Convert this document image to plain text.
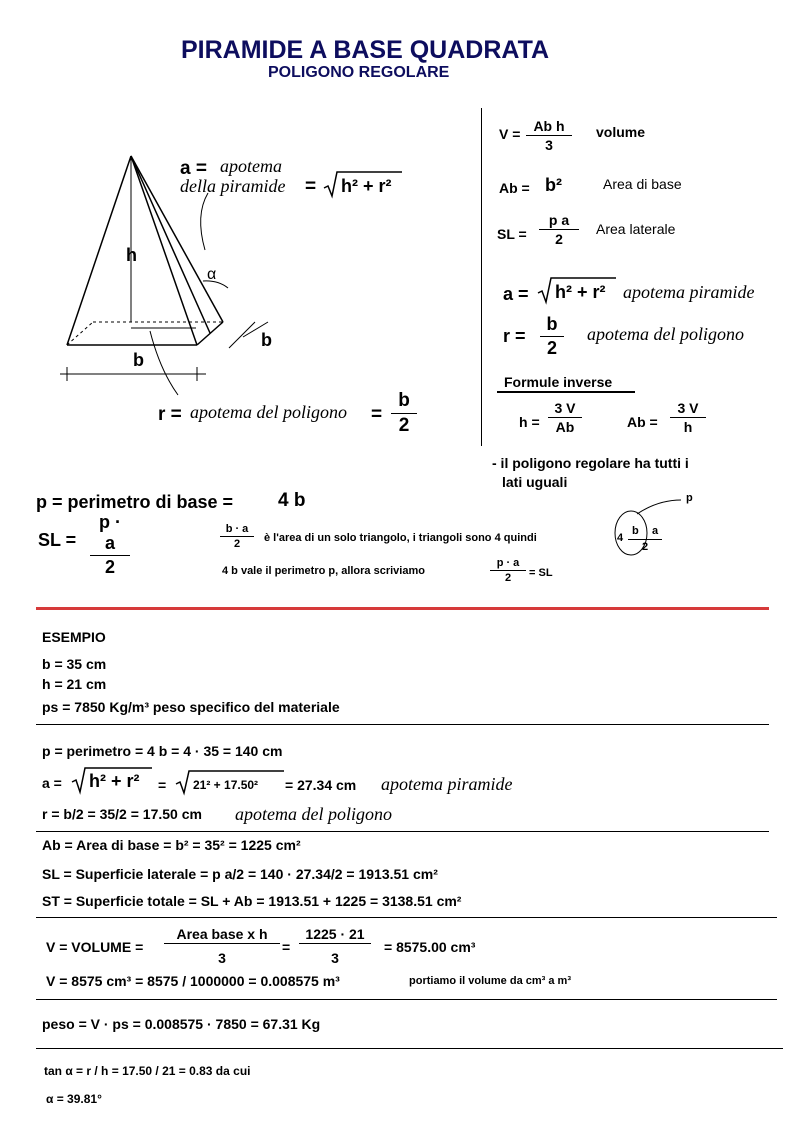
PIRAMIDE A BASE QUADRATA
POLIGONO REGOLARE
h
b
b
α
a = apotema
della piramide = h² + r²
r = apotema del poligono = $\frac{b}{2}$
$V = \frac{\text{Ab h}}{3}$ volume
Ab = b²	Area di base
SL = $\frac{\text{p a}}{2}$ Area laterale
a = h² + r² apotema piramide
$r = \frac{b}{2}$ apotema del poligono
Formule inverse
$h = \frac{3 V}{Ab}$	$Ab = \frac{3 V}{h}$
- il poligono regolare ha tutti i
lati uguali
p = perimetro di base = 4 b
SL = $\frac{p \cdot a}{2}$	$\frac{b \cdot a}{2}$ è l'area di un solo triangolo, i triangoli sono 4 quindi	4
b a
2
p
4 b vale il perimetro p, allora scriviamo	$\frac{p \cdot a}{2}$ = SL
ESEMPIO
b = 35 cm
h = 21 cm
ps = 7850 Kg/m³ peso specifico del materiale
p = perimetro = 4 b = 4 · 35 = 140 cm
a = h² + r² = 21² + 17.50² = 27.34 cm apotema piramide
r = b/2 = 35/2 = 17.50 cm apotema del poligono
Ab = Area di base = b² = 35² = 1225 cm²
SL = Superficie laterale = p a/2 = 140 · 27.34/2 = 1913.51 cm²
ST = Superficie totale = SL + Ab = 1913.51 + 1225 = 3138.51 cm²
V = VOLUME =
Area base x h
3
= $\frac{1225 \cdot 21}{3} = 8575.00$ cm³
V = 8575 cm³ = 8575 / 1000000 = 0.008575 m³	portiamo il volume da cm³ a m³
peso = V · ps = 0.008575 · 7850 = 67.31 Kg
tan α = r / h = 17.50 / 21 = 0.83 da cui
α = 39.81°
